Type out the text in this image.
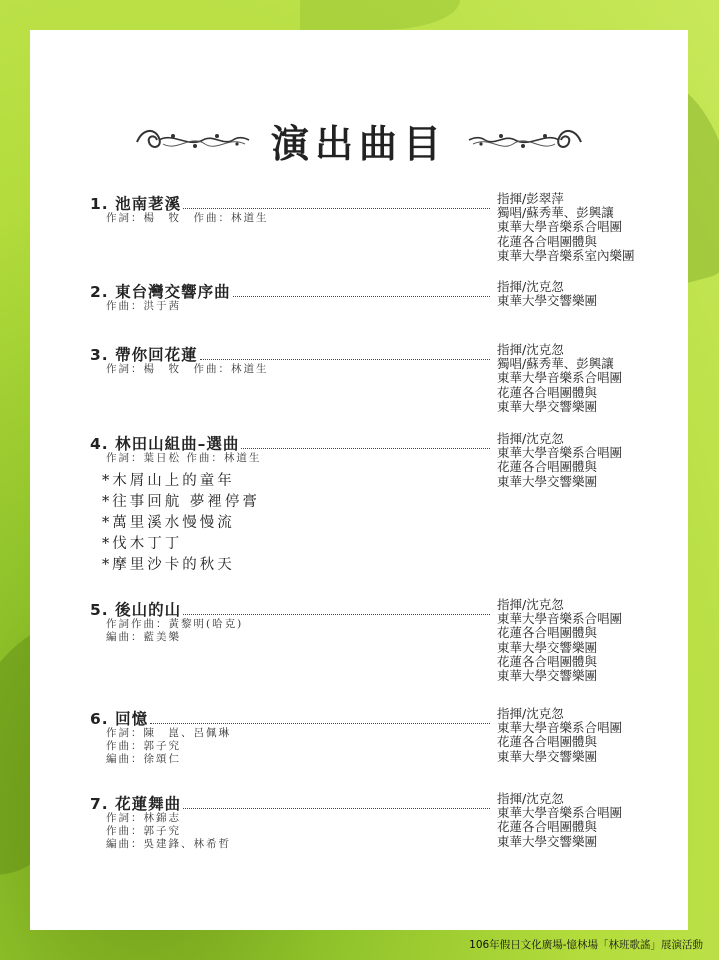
演出曲目
1. 池南荖溪
作詞：楊　牧　作曲：林道生
指揮/彭翠萍
獨唱/蘇秀華、彭興讓
東華大學音樂系合唱團
花蓮各合唱團體與
東華大學音樂系室內樂團
2. 東台灣交響序曲
作曲：洪于茜
指揮/沈克忽
東華大學交響樂團
3. 帶你回花蓮
作詞：楊　牧　作曲：林道生
指揮/沈克忽
獨唱/蘇秀華、彭興讓
東華大學音樂系合唱團
花蓮各合唱團體與
東華大學交響樂團
4. 林田山組曲–選曲
作詞：葉日松 作曲：林道生
*木屑山上的童年
*往事回航 夢裡停膏
*萬里溪水慢慢流
*伐木丁丁
*摩里沙卡的秋天
指揮/沈克忽
東華大學音樂系合唱團
花蓮各合唱團體與
東華大學交響樂團
5. 後山的山
作詞作曲：黃黎明(哈克)
編曲：藍美樂
指揮/沈克忽
東華大學音樂系合唱團
花蓮各合唱團體與
東華大學交響樂團
花蓮各合唱團體與
東華大學交響樂團
6. 回憶
作詞：陳　崑、呂佩琳
作曲：郭子究
編曲：徐頌仁
指揮/沈克忽
東華大學音樂系合唱團
花蓮各合唱團體與
東華大學交響樂團
7. 花蓮舞曲
作詞：林錦志
作曲：郭子究
編曲：吳建鋒、林希哲
指揮/沈克忽
東華大學音樂系合唱團
花蓮各合唱團體與
東華大學交響樂團
106年假日文化廣場-憶林場「林班歌謠」展演活動
